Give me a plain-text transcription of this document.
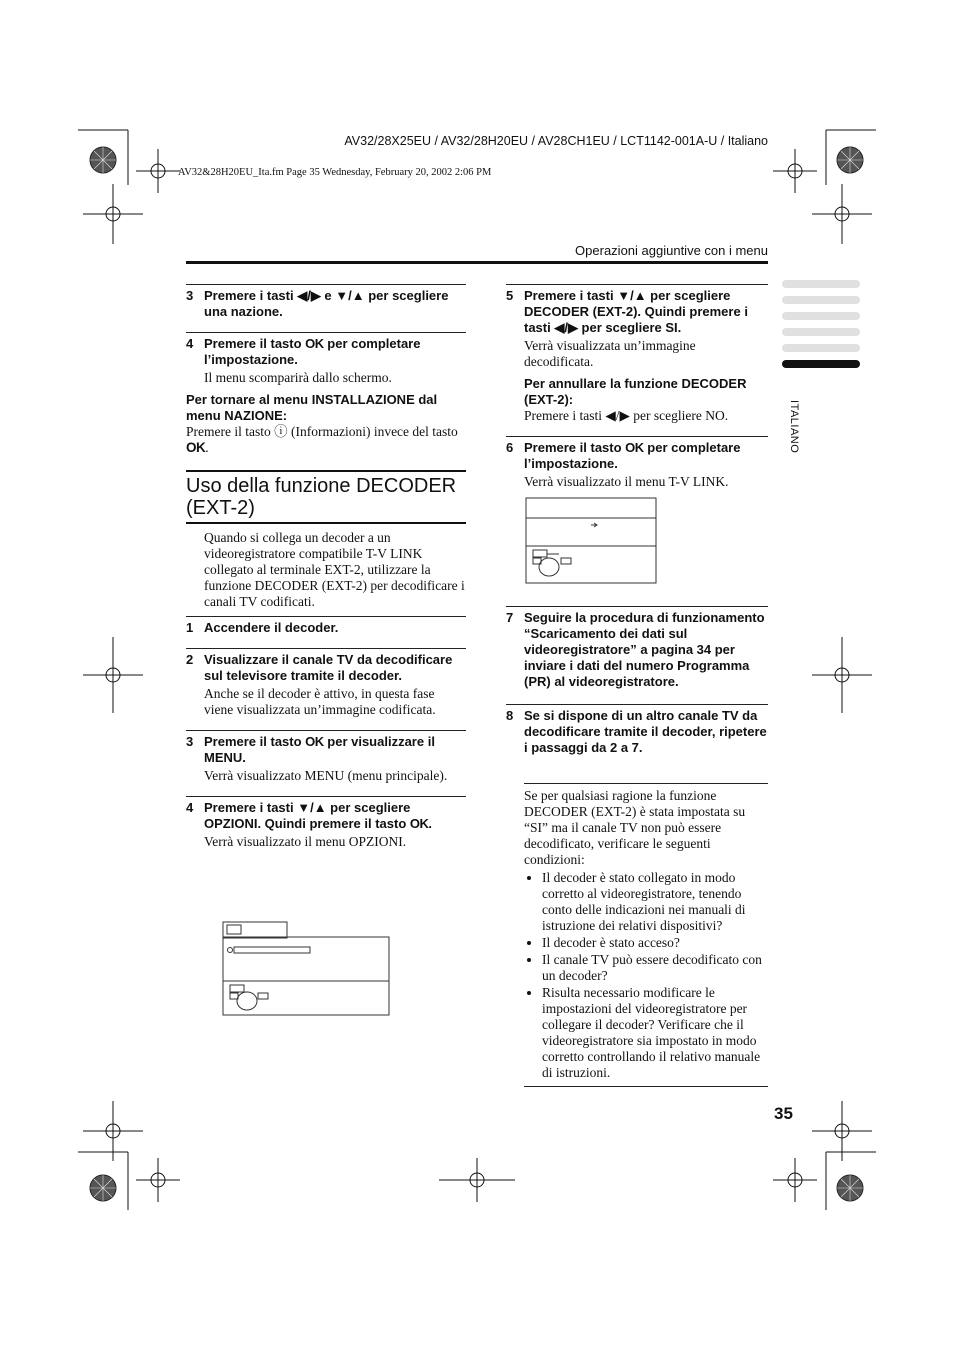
AV32/28X25EU / AV32/28H20EU / AV28CH1EU / LCT1142-001A-U / Italiano
AV32&28H20EU_Ita.fm Page 35 Wednesday, February 20, 2002 2:06 PM
Operazioni aggiuntive con i menu
ITALIANO
3 Premere i tasti ◀/▶ e ▼/▲ per scegliere una nazione.
4 Premere il tasto OK per completare l’impostazione.
Il menu scomparirà dallo schermo.
Per tornare al menu INSTALLAZIONE dal menu NAZIONE:
Premere il tasto ⓘ (Informazioni) invece del tasto OK.
Uso della funzione DECODER (EXT-2)
Quando si collega un decoder a un videoregistratore compatibile T-V LINK collegato al terminale EXT-2, utilizzare la funzione DECODER (EXT-2) per decodificare i canali TV codificati.
1 Accendere il decoder.
2 Visualizzare il canale TV da decodificare sul televisore tramite il decoder.
Anche se il decoder è attivo, in questa fase viene visualizzata un’immagine codificata.
3 Premere il tasto OK per visualizzare il MENU.
Verrà visualizzato MENU (menu principale).
4 Premere i tasti ▼/▲ per scegliere OPZIONI. Quindi premere il tasto OK.
Verrà visualizzato il menu OPZIONI.
5 Premere i tasti ▼/▲ per scegliere DECODER (EXT-2). Quindi premere i tasti ◀/▶ per scegliere SI.
Verrà visualizzata un’immagine decodificata.
Per annullare la funzione DECODER (EXT-2):
Premere i tasti ◀/▶ per scegliere NO.
6 Premere il tasto OK per completare l’impostazione.
Verrà visualizzato il menu T-V LINK.
7 Seguire la procedura di funzionamento “Scaricamento dei dati sul videoregistratore” a pagina 34 per inviare i dati del numero Programma (PR) al videoregistratore.
8 Se si dispone di un altro canale TV da decodificare tramite il decoder, ripetere i passaggi da 2 a 7.
Se per qualsiasi ragione la funzione DECODER (EXT-2) è stata impostata su “SI” ma il canale TV non può essere decodificato, verificare le seguenti condizioni:
• Il decoder è stato collegato in modo corretto al videoregistratore, tenendo conto delle indicazioni nei manuali di istruzione dei relativi dispositivi?
• Il decoder è stato acceso?
• Il canale TV può essere decodificato con un decoder?
• Risulta necessario modificare le impostazioni del videoregistratore per collegare il decoder? Verificare che il videoregistratore sia impostato in modo corretto controllando il relativo manuale di istruzioni.
35
